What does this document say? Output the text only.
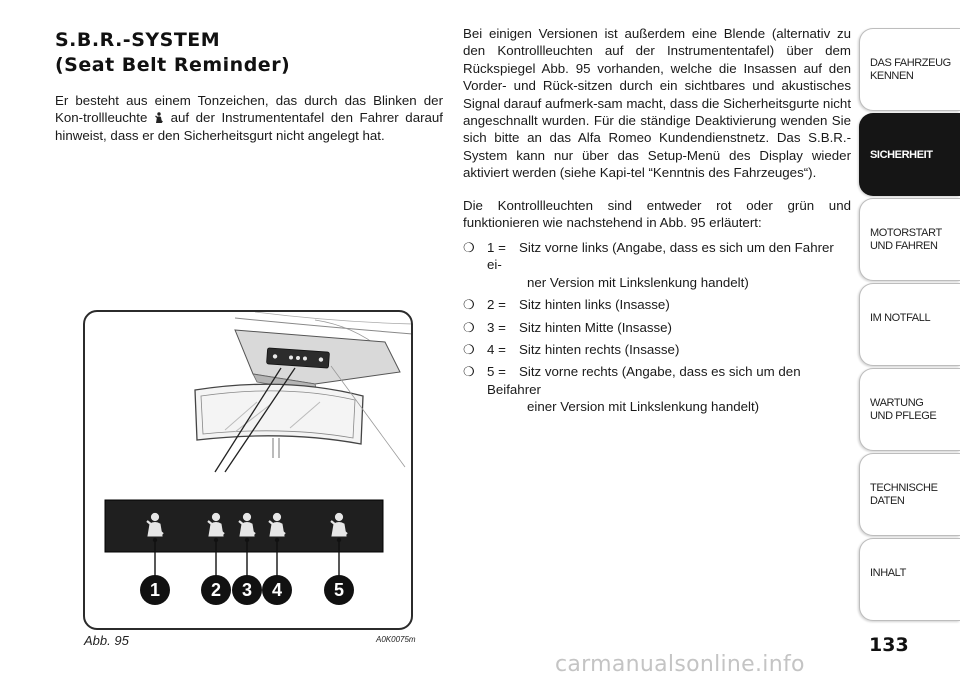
S.B.R.-SYSTEM
(Seat Belt Reminder)
Er besteht aus einem Tonzeichen, das durch das Blinken der Kon-trollleuchte auf der Instrumententafel den Fahrer darauf hinweist, dass er den Sicherheitsgurt nicht angelegt hat.
Bei einigen Versionen ist außerdem eine Blende (alternativ zu den Kontrollleuchten auf der Instrumententafel) über dem Rückspiegel Abb. 95 vorhanden, welche die Insassen auf den Vorder- und Rück-sitzen durch ein sichtbares und akustisches Signal darauf aufmerk-sam macht, dass die Sicherheitsgurte nicht angeschnallt wurden. Für die ständige Deaktivierung wenden Sie sich bitte an das Alfa Romeo Kundendienstnetz. Das S.B.R.-System kann nur über das Setup-Menü des Display wieder aktiviert werden (siehe Kapi-tel “Kenntnis des Fahrzeuges“).
Die Kontrollleuchten sind entweder rot oder grün und funktionieren wie nachstehend in Abb. 95 erläutert:
❍ 1 = Sitz vorne links (Angabe, dass es sich um den Fahrer ei-
ner Version mit Linkslenkung handelt)
❍ 2 = Sitz hinten links (Insasse)
❍ 3 = Sitz hinten Mitte (Insasse)
❍ 4 = Sitz hinten rechts (Insasse)
❍ 5 = Sitz vorne rechts (Angabe, dass es sich um den Beifahrer
einer Version mit Linkslenkung handelt)
1	2 3 4	5
Abb. 95	A0K0075m
DAS FAHRZEUG
KENNEN
SICHERHEIT
MOTORSTART
UND FAHREN
IM NOTFALL
WARTUNG
UND PFLEGE
TECHNISCHE
DATEN
INHALT
133
carmanualsonline.info
